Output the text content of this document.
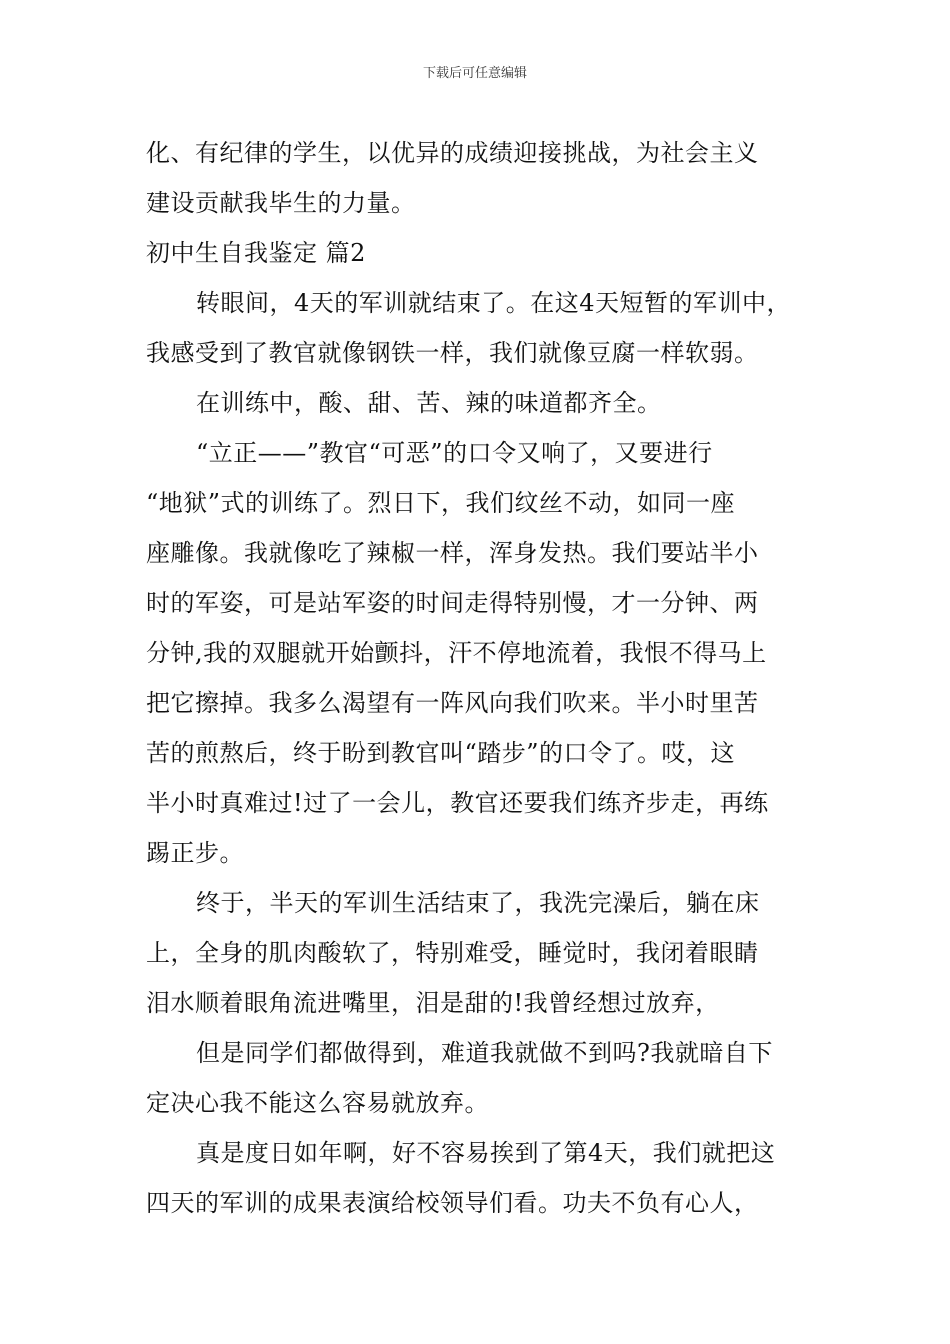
下载后可任意编辑
化、有纪律的学生，以优异的成绩迎接挑战，为社会主义
建设贡献我毕生的力量。
初中生自我鉴定 篇2
转眼间，4天的军训就结束了。在这4天短暂的军训中，
我感受到了教官就像钢铁一样，我们就像豆腐一样软弱。
在训练中，酸、甜、苦、辣的味道都齐全。
“立正——”教官“可恶”的口令又响了，又要进行
“地狱”式的训练了。烈日下，我们纹丝不动，如同一座
座雕像。我就像吃了辣椒一样，浑身发热。我们要站半小
时的军姿，可是站军姿的时间走得特别慢，才一分钟、两
分钟,我的双腿就开始颤抖，汗不停地流着，我恨不得马上
把它擦掉。我多么渴望有一阵风向我们吹来。半小时里苦
苦的煎熬后，终于盼到教官叫“踏步”的口令了。哎，这
半小时真难过!过了一会儿，教官还要我们练齐步走，再练
踢正步。
终于，半天的军训生活结束了，我洗完澡后，躺在床
上，全身的肌肉酸软了，特别难受，睡觉时，我闭着眼睛
泪水顺着眼角流进嘴里，泪是甜的!我曾经想过放弃，
但是同学们都做得到，难道我就做不到吗?我就暗自下
定决心我不能这么容易就放弃。
真是度日如年啊，好不容易挨到了第4天，我们就把这
四天的军训的成果表演给校领导们看。功夫不负有心人，
